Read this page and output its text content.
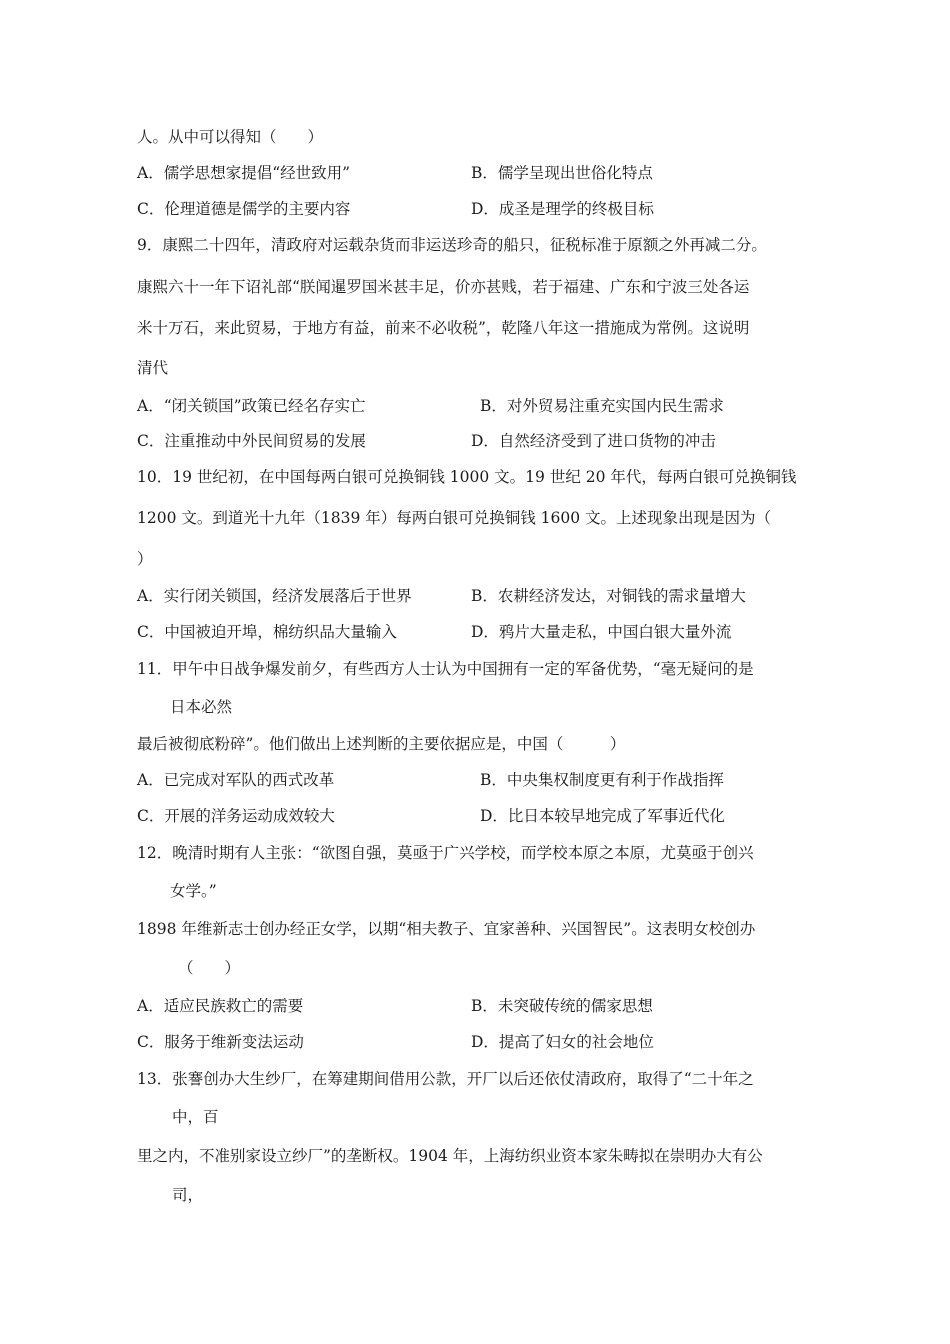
人。从中可以得知（　　）
A．儒学思想家提倡“经世致用”	B．儒学呈现出世俗化特点
C．伦理道德是儒学的主要内容	D．成圣是理学的终极目标
9．康熙二十四年，清政府对运载杂货而非运送珍奇的船只，征税标准于原额之外再减二分。
康熙六十一年下诏礼部“朕闻暹罗国米甚丰足，价亦甚贱，若于福建、广东和宁波三处各运
米十万石，来此贸易，于地方有益，前来不必收税”，乾隆八年这一措施成为常例。这说明
清代
A．“闭关锁国”政策已经名存实亡	B．对外贸易注重充实国内民生需求
C．注重推动中外民间贸易的发展	D．自然经济受到了进口货物的冲击
10．19 世纪初，在中国每两白银可兑换铜钱 1000 文。19 世纪 20 年代，每两白银可兑换铜钱
1200 文。到道光十九年（1839 年）每两白银可兑换铜钱 1600 文。上述现象出现是因为（
）
A．实行闭关锁国，经济发展落后于世界	B．农耕经济发达，对铜钱的需求量增大
C．中国被迫开埠，棉纺织品大量输入	D．鸦片大量走私，中国白银大量外流
11．甲午中日战争爆发前夕，有些西方人士认为中国拥有一定的军备优势，“毫无疑问的是
日本必然
最后被彻底粉碎”。他们做出上述判断的主要依据应是，中国（　　　）
A．已完成对军队的西式改革	B．中央集权制度更有利于作战指挥
C．开展的洋务运动成效较大	D．比日本较早地完成了军事近代化
12．晚清时期有人主张：“欲图自强，莫亟于广兴学校，而学校本原之本原，尤莫亟于创兴
女学。”
1898 年维新志士创办经正女学，以期“相夫教子、宜家善种、兴国智民”。这表明女校创办
（　　）
A．适应民族救亡的需要	B．未突破传统的儒家思想
C．服务于维新变法运动	D．提高了妇女的社会地位
13．张謇创办大生纱厂，在筹建期间借用公款，开厂以后还依仗清政府，取得了“二十年之
中，百
里之内，不准别家设立纱厂”的垄断权。1904 年，上海纺织业资本家朱畴拟在崇明办大有公
司，
